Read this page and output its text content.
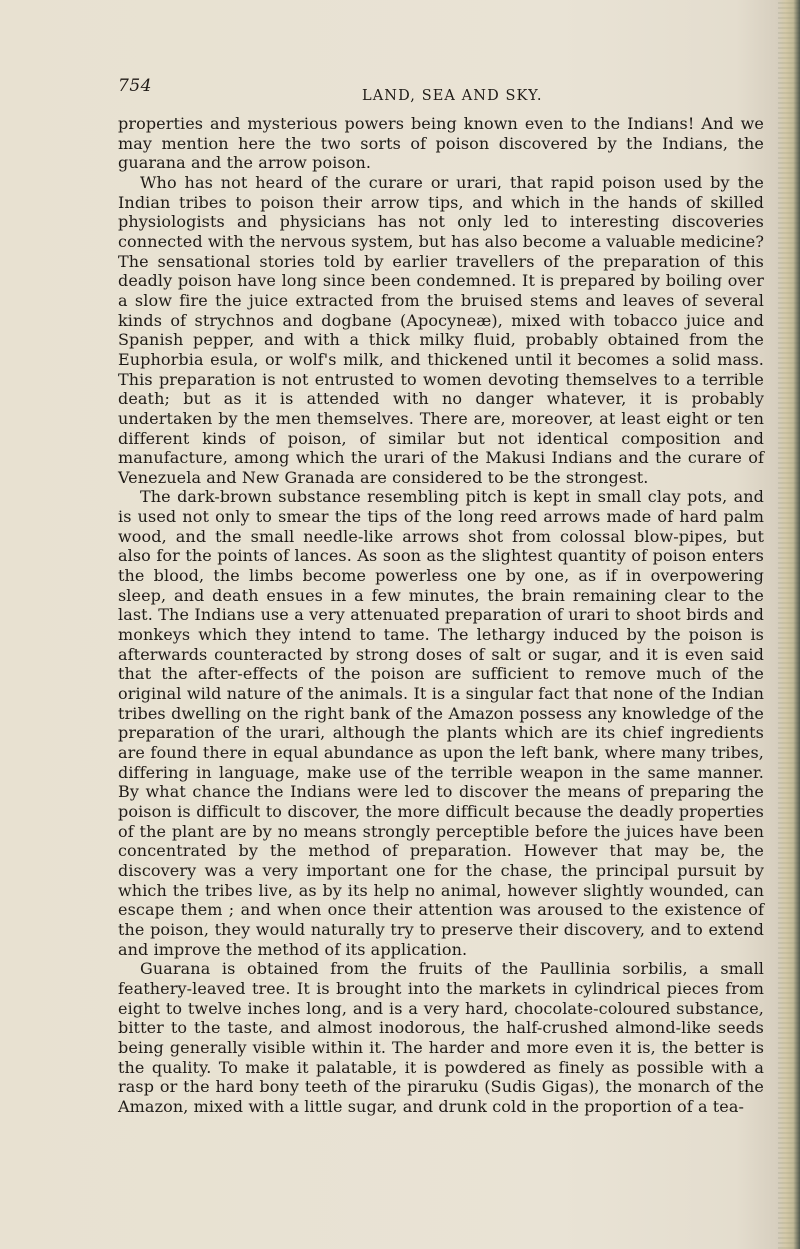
754	LAND, SEA AND SKY.

properties and mysterious powers being known even to the Indians! And we may mention here the two sorts of poison discovered by the Indians, the guarana and the arrow poison.

Who has not heard of the curare or urari, that rapid poison used by the Indian tribes to poison their arrow tips, and which in the hands of skilled physiologists and physicians has not only led to interesting discoveries connected with the nervous system, but has also become a valuable medicine? The sensational stories told by earlier travellers of the preparation of this deadly poison have long since been condemned. It is prepared by boiling over a slow fire the juice extracted from the bruised stems and leaves of several kinds of strychnos and dogbane (Apocyneæ), mixed with tobacco juice and Spanish pepper, and with a thick milky fluid, probably obtained from the Euphorbia esula, or wolf's milk, and thickened until it becomes a solid mass. This preparation is not entrusted to women devoting themselves to a terrible death; but as it is attended with no danger whatever, it is probably undertaken by the men themselves. There are, moreover, at least eight or ten different kinds of poison, of similar but not identical composition and manufacture, among which the urari of the Makusi Indians and the curare of Venezuela and New Granada are considered to be the strongest.

The dark-brown substance resembling pitch is kept in small clay pots, and is used not only to smear the tips of the long reed arrows made of hard palm wood, and the small needle-like arrows shot from colossal blow-pipes, but also for the points of lances. As soon as the slightest quantity of poison enters the blood, the limbs become powerless one by one, as if in overpowering sleep, and death ensues in a few minutes, the brain remaining clear to the last. The Indians use a very attenuated preparation of urari to shoot birds and monkeys which they intend to tame. The lethargy induced by the poison is afterwards counteracted by strong doses of salt or sugar, and it is even said that the after-effects of the poison are sufficient to remove much of the original wild nature of the animals. It is a singular fact that none of the Indian tribes dwelling on the right bank of the Amazon possess any knowledge of the preparation of the urari, although the plants which are its chief ingredients are found there in equal abundance as upon the left bank, where many tribes, differing in language, make use of the terrible weapon in the same manner. By what chance the Indians were led to discover the means of preparing the poison is difficult to discover, the more difficult because the deadly properties of the plant are by no means strongly perceptible before the juices have been concentrated by the method of preparation. However that may be, the discovery was a very important one for the chase, the principal pursuit by which the tribes live, as by its help no animal, however slightly wounded, can escape them ; and when once their attention was aroused to the existence of the poison, they would naturally try to preserve their discovery, and to extend and improve the method of its application.

Guarana is obtained from the fruits of the Paullinia sorbilis, a small feathery-leaved tree. It is brought into the markets in cylindrical pieces from eight to twelve inches long, and is a very hard, chocolate-coloured substance, bitter to the taste, and almost inodorous, the half-crushed almond-like seeds being generally visible within it. The harder and more even it is, the better is the quality. To make it palatable, it is powdered as finely as possible with a rasp or the hard bony teeth of the piraruku (Sudis Gigas), the monarch of the Amazon, mixed with a little sugar, and drunk cold in the proportion of a tea-
